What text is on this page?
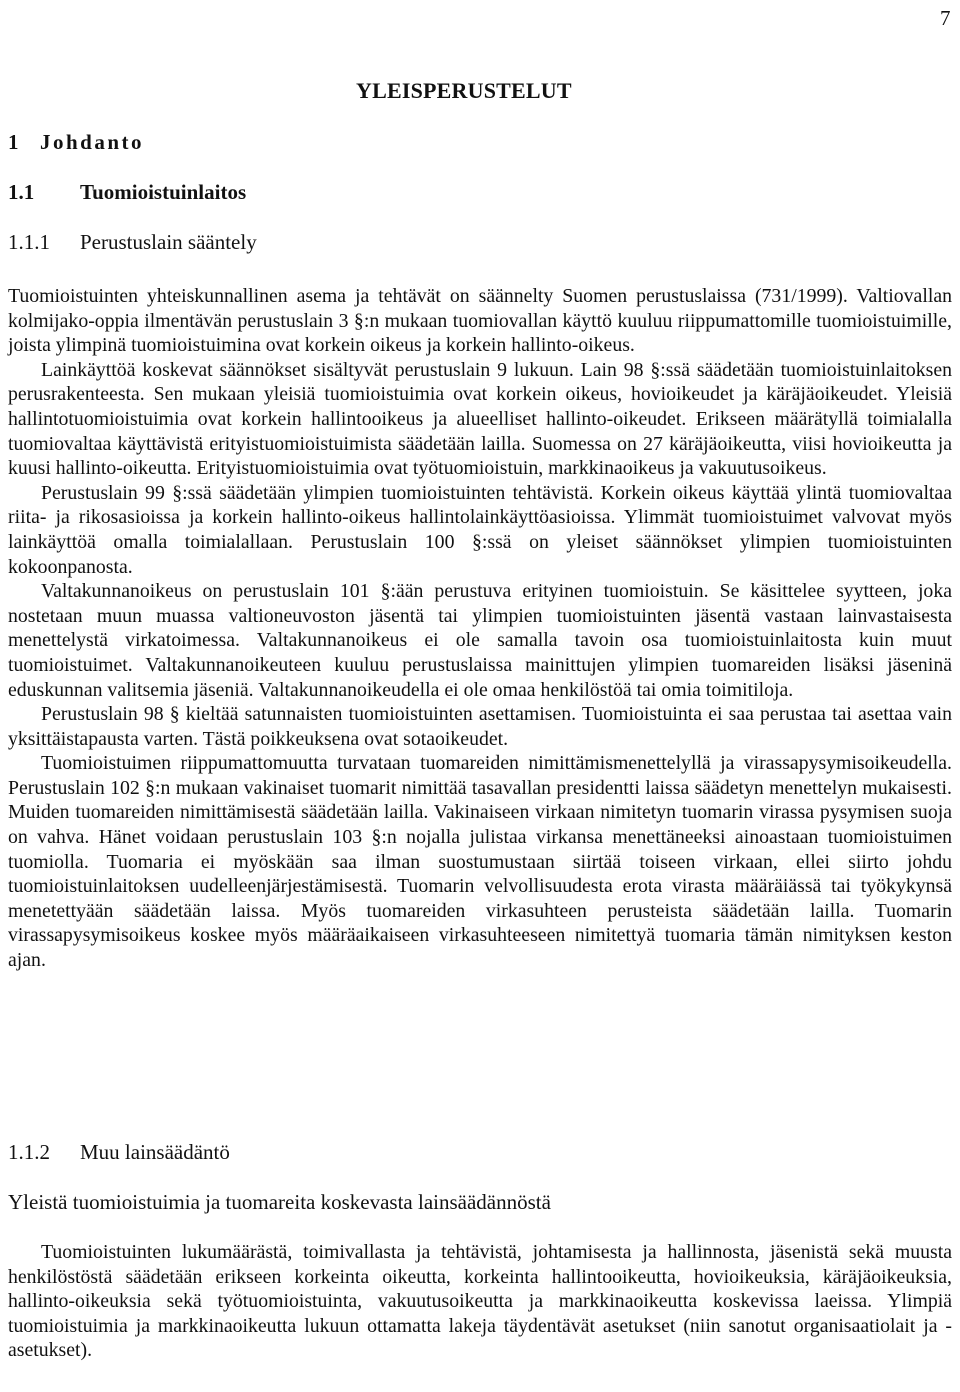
7
YLEISPERUSTELUT
1 Johdanto
1.1 Tuomioistuinlaitos
1.1.1 Perustuslain sääntely

Tuomioistuinten yhteiskunnallinen asema ja tehtävät on säännelty Suomen perustuslaissa (731/1999). Valtiovallan kolmijako-oppia ilmentävän perustuslain 3 §:n mukaan tuomiovallan käyttö kuuluu riippumattomille tuomioistuimille, joista ylimpinä tuomioistuimina ovat korkein oikeus ja korkein hallinto-oikeus.

Lainkäyttöä koskevat säännökset sisältyvät perustuslain 9 lukuun. Lain 98 §:ssä säädetään tuomioistuinlaitoksen perusrakenteesta. Sen mukaan yleisiä tuomioistuimia ovat korkein oikeus, hovioikeudet ja käräjäoikeudet. Yleisiä hallintotuomioistuimia ovat korkein hallintooikeus ja alueelliset hallinto-oikeudet. Erikseen määrätyllä toimialalla tuomiovaltaa käyttävistä erityistuomioistuimista säädetään lailla. Suomessa on 27 käräjäoikeutta, viisi hovioikeutta ja kuusi hallinto-oikeutta. Erityistuomioistuimia ovat työtuomioistuin, markkinaoikeus ja vakuutusoikeus.

Perustuslain 99 §:ssä säädetään ylimpien tuomioistuinten tehtävistä. Korkein oikeus käyttää ylintä tuomiovaltaa riita- ja rikosasioissa ja korkein hallinto-oikeus hallintolainkäyttöasioissa. Ylimmät tuomioistuimet valvovat myös lainkäyttöä omalla toimialallaan. Perustuslain 100 §:ssä on yleiset säännökset ylimpien tuomioistuinten kokoonpanosta.

Valtakunnanoikeus on perustuslain 101 §:ään perustuva erityinen tuomioistuin. Se käsittelee syytteen, joka nostetaan muun muassa valtioneuvoston jäsentä tai ylimpien tuomioistuinten jäsentä vastaan lainvastaisesta menettelystä virkatoimessa. Valtakunnanoikeus ei ole samalla tavoin osa tuomioistuinlaitosta kuin muut tuomioistuimet. Valtakunnanoikeuteen kuuluu perustuslaissa mainittujen ylimpien tuomareiden lisäksi jäseninä eduskunnan valitsemia jäseniä. Valtakunnanoikeudella ei ole omaa henkilöstöä tai omia toimitiloja.

Perustuslain 98 § kieltää satunnaisten tuomioistuinten asettamisen. Tuomioistuinta ei saa perustaa tai asettaa vain yksittäistapausta varten. Tästä poikkeuksena ovat sotaoikeudet.

Tuomioistuimen riippumattomuutta turvataan tuomareiden nimittämismenettelyllä ja virassapysymisoikeudella. Perustuslain 102 §:n mukaan vakinaiset tuomarit nimittää tasavallan presidentti laissa säädetyn menettelyn mukaisesti. Muiden tuomareiden nimittämisestä säädetään lailla. Vakinaiseen virkaan nimitetyn tuomarin virassa pysymisen suoja on vahva. Hänet voidaan perustuslain 103 §:n nojalla julistaa virkansa menettäneeksi ainoastaan tuomioistuimen tuomiolla. Tuomaria ei myöskään saa ilman suostumustaan siirtää toiseen virkaan, ellei siirto johdu tuomioistuinlaitoksen uudelleenjärjestämisestä. Tuomarin velvollisuudesta erota virasta määräiässä tai työkykynsä menetettyään säädetään laissa. Myös tuomareiden virkasuhteen perusteista säädetään lailla. Tuomarin virassapysymisoikeus koskee myös määräaikaiseen virkasuhteeseen nimitettyä tuomaria tämän nimityksen keston ajan.

1.1.2 Muu lainsäädäntö
Yleistä tuomioistuimia ja tuomareita koskevasta lainsäädännöstä

Tuomioistuinten lukumäärästä, toimivallasta ja tehtävistä, johtamisesta ja hallinnosta, jäsenistä sekä muusta henkilöstöstä säädetään erikseen korkeinta oikeutta, korkeinta hallintooikeutta, hovioikeuksia, käräjäoikeuksia, hallinto-oikeuksia sekä työtuomioistuinta, vakuutusoikeutta ja markkinaoikeutta koskevissa laeissa. Ylimpiä tuomioistuimia ja markkinaoikeutta lukuun ottamatta lakeja täydentävät asetukset (niin sanotut organisaatiolait ja -asetukset).
